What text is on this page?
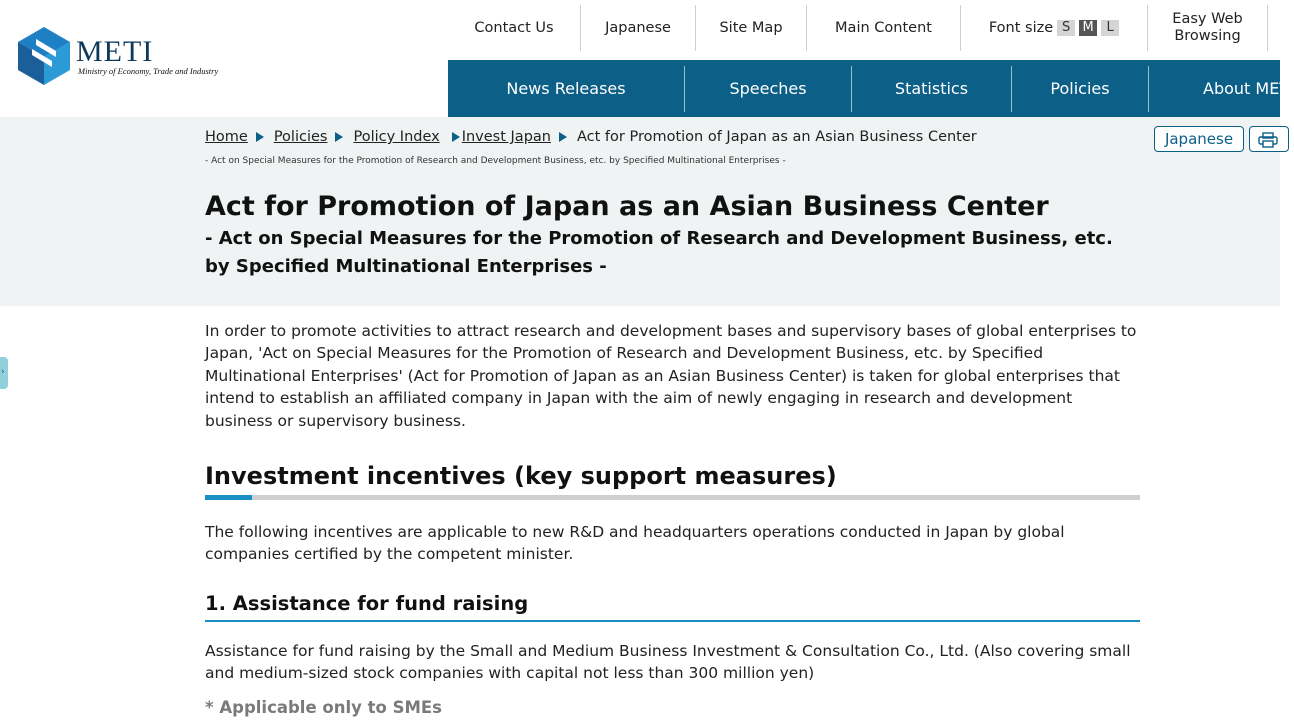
METI
Ministry of Economy, Trade and Industry
Contact Us	Japanese	Site Map	Main Content	Font size S M L
Easy Web
Browsing
News Releases	Speeches	Statistics	Policies	About METI
Home Policies Policy Index Invest Japan Act for Promotion of Japan as an Asian Business Center
- Act on Special Measures for the Promotion of Research and Development Business, etc. by Specified Multinational Enterprises -
Act for Promotion of Japan as an Asian Business Center
- Act on Special Measures for the Promotion of Research and Development Business, etc. by Specified Multinational Enterprises -
Japanese
›

In order to promote activities to attract research and development bases and supervisory bases of global enterprises to Japan, 'Act on Special Measures for the Promotion of Research and Development Business, etc. by Specified Multinational Enterprises' (Act for Promotion of Japan as an Asian Business Center) is taken for global enterprises that intend to establish an affiliated company in Japan with the aim of newly engaging in research and development business or supervisory business.

Investment incentives (key support measures)

The following incentives are applicable to new R&D and headquarters operations conducted in Japan by global companies certified by the competent minister.

1. Assistance for fund raising

Assistance for fund raising by the Small and Medium Business Investment & Consultation Co., Ltd. (Also covering small and medium-sized stock companies with capital not less than 300 million yen)

* Applicable only to SMEs
